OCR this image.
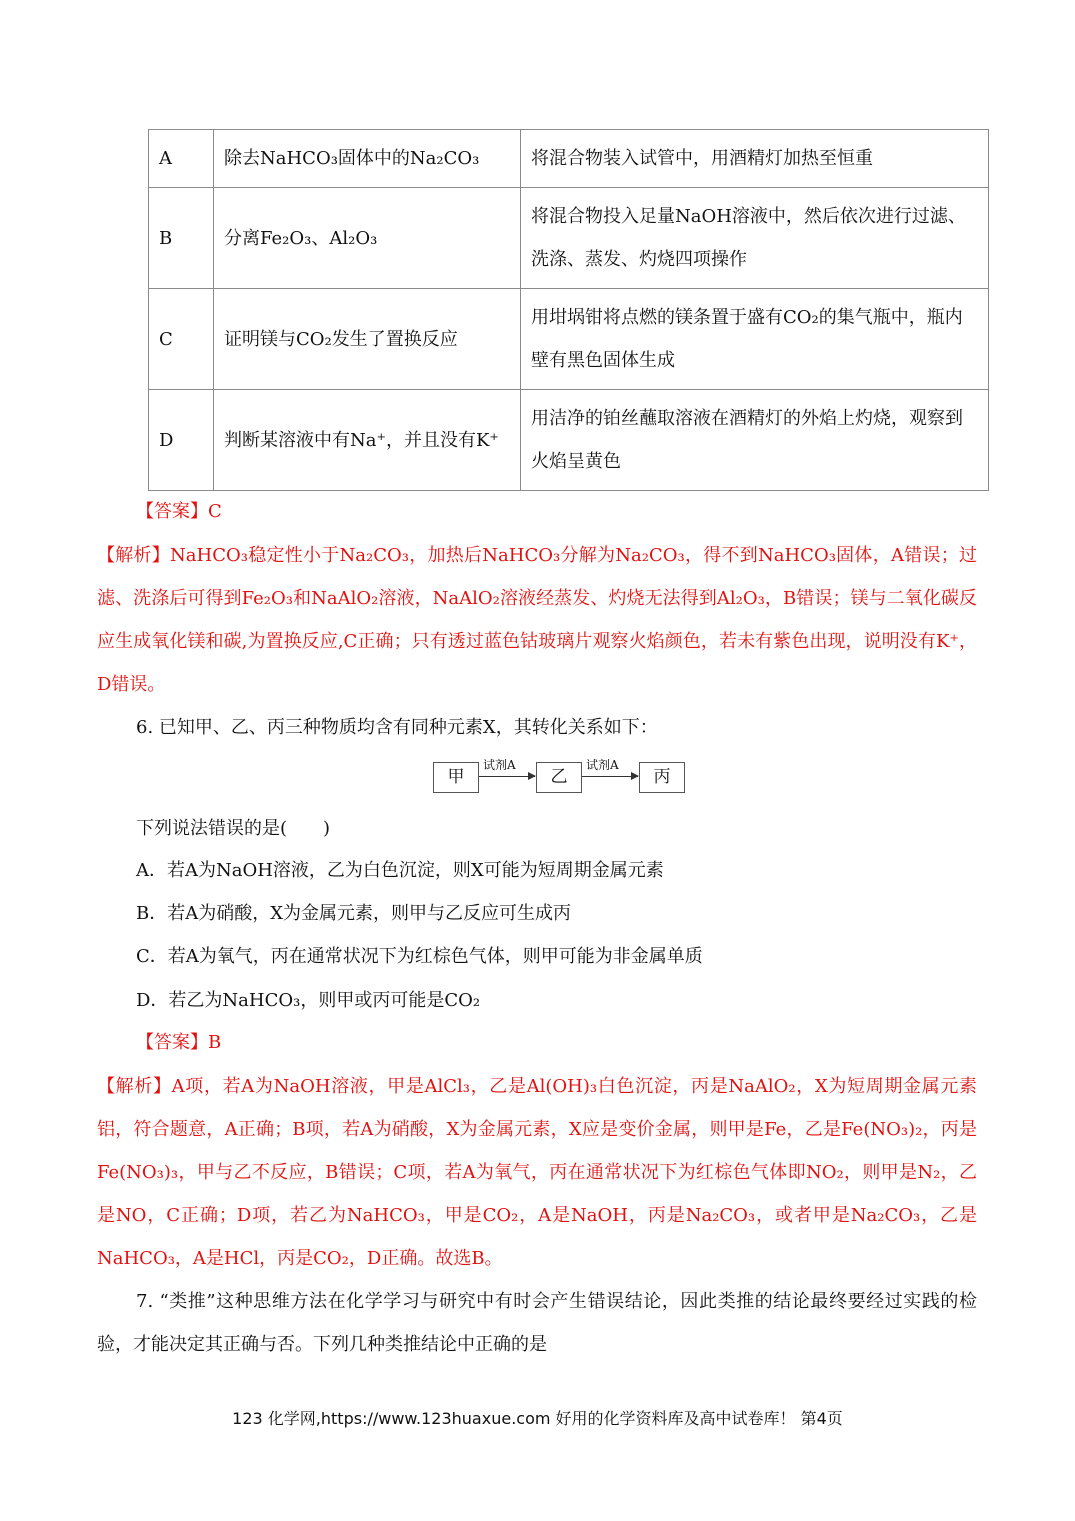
A	除去NaHCO₃固体中的Na₂CO₃	将混合物装入试管中，用酒精灯加热至恒重
B	分离Fe₂O₃、Al₂O₃	将混合物投入足量NaOH溶液中，然后依次进行过滤、洗涤、蒸发、灼烧四项操作
C	证明镁与CO₂发生了置换反应	用坩埚钳将点燃的镁条置于盛有CO₂的集气瓶中，瓶内壁有黑色固体生成
D	判断某溶液中有Na⁺，并且没有K⁺	用洁净的铂丝蘸取溶液在酒精灯的外焰上灼烧，观察到火焰呈黄色
【答案】C
【解析】NaHCO₃稳定性小于Na₂CO₃，加热后NaHCO₃分解为Na₂CO₃，得不到NaHCO₃固体，A错误；过滤、洗涤后可得到Fe₂O₃和NaAlO₂溶液，NaAlO₂溶液经蒸发、灼烧无法得到Al₂O₃，B错误；镁与二氧化碳反应生成氧化镁和碳,为置换反应,C正确；只有透过蓝色钴玻璃片观察火焰颜色，若未有紫色出现，说明没有K⁺，D错误。
6. 已知甲、乙、丙三种物质均含有同种元素X，其转化关系如下：
甲
试剂A
乙
试剂A
丙
下列说法错误的是(　　)
A．若A为NaOH溶液，乙为白色沉淀，则X可能为短周期金属元素
B．若A为硝酸，X为金属元素，则甲与乙反应可生成丙
C．若A为氧气，丙在通常状况下为红棕色气体，则甲可能为非金属单质
D．若乙为NaHCO₃，则甲或丙可能是CO₂
【答案】B
【解析】A项，若A为NaOH溶液，甲是AlCl₃，乙是Al(OH)₃白色沉淀，丙是NaAlO₂，X为短周期金属元素铝，符合题意，A正确；B项，若A为硝酸，X为金属元素，X应是变价金属，则甲是Fe，乙是Fe(NO₃)₂，丙是Fe(NO₃)₃，甲与乙不反应，B错误；C项，若A为氧气，丙在通常状况下为红棕色气体即NO₂，则甲是N₂，乙是NO，C正确；D项，若乙为NaHCO₃，甲是CO₂，A是NaOH，丙是Na₂CO₃，或者甲是Na₂CO₃，乙是NaHCO₃，A是HCl，丙是CO₂，D正确。故选B。
7. “类推”这种思维方法在化学学习与研究中有时会产生错误结论，因此类推的结论最终要经过实践的检验，才能决定其正确与否。下列几种类推结论中正确的是
123 化学网,https://www.123huaxue.com 好用的化学资料库及高中试卷库！ 第4页
